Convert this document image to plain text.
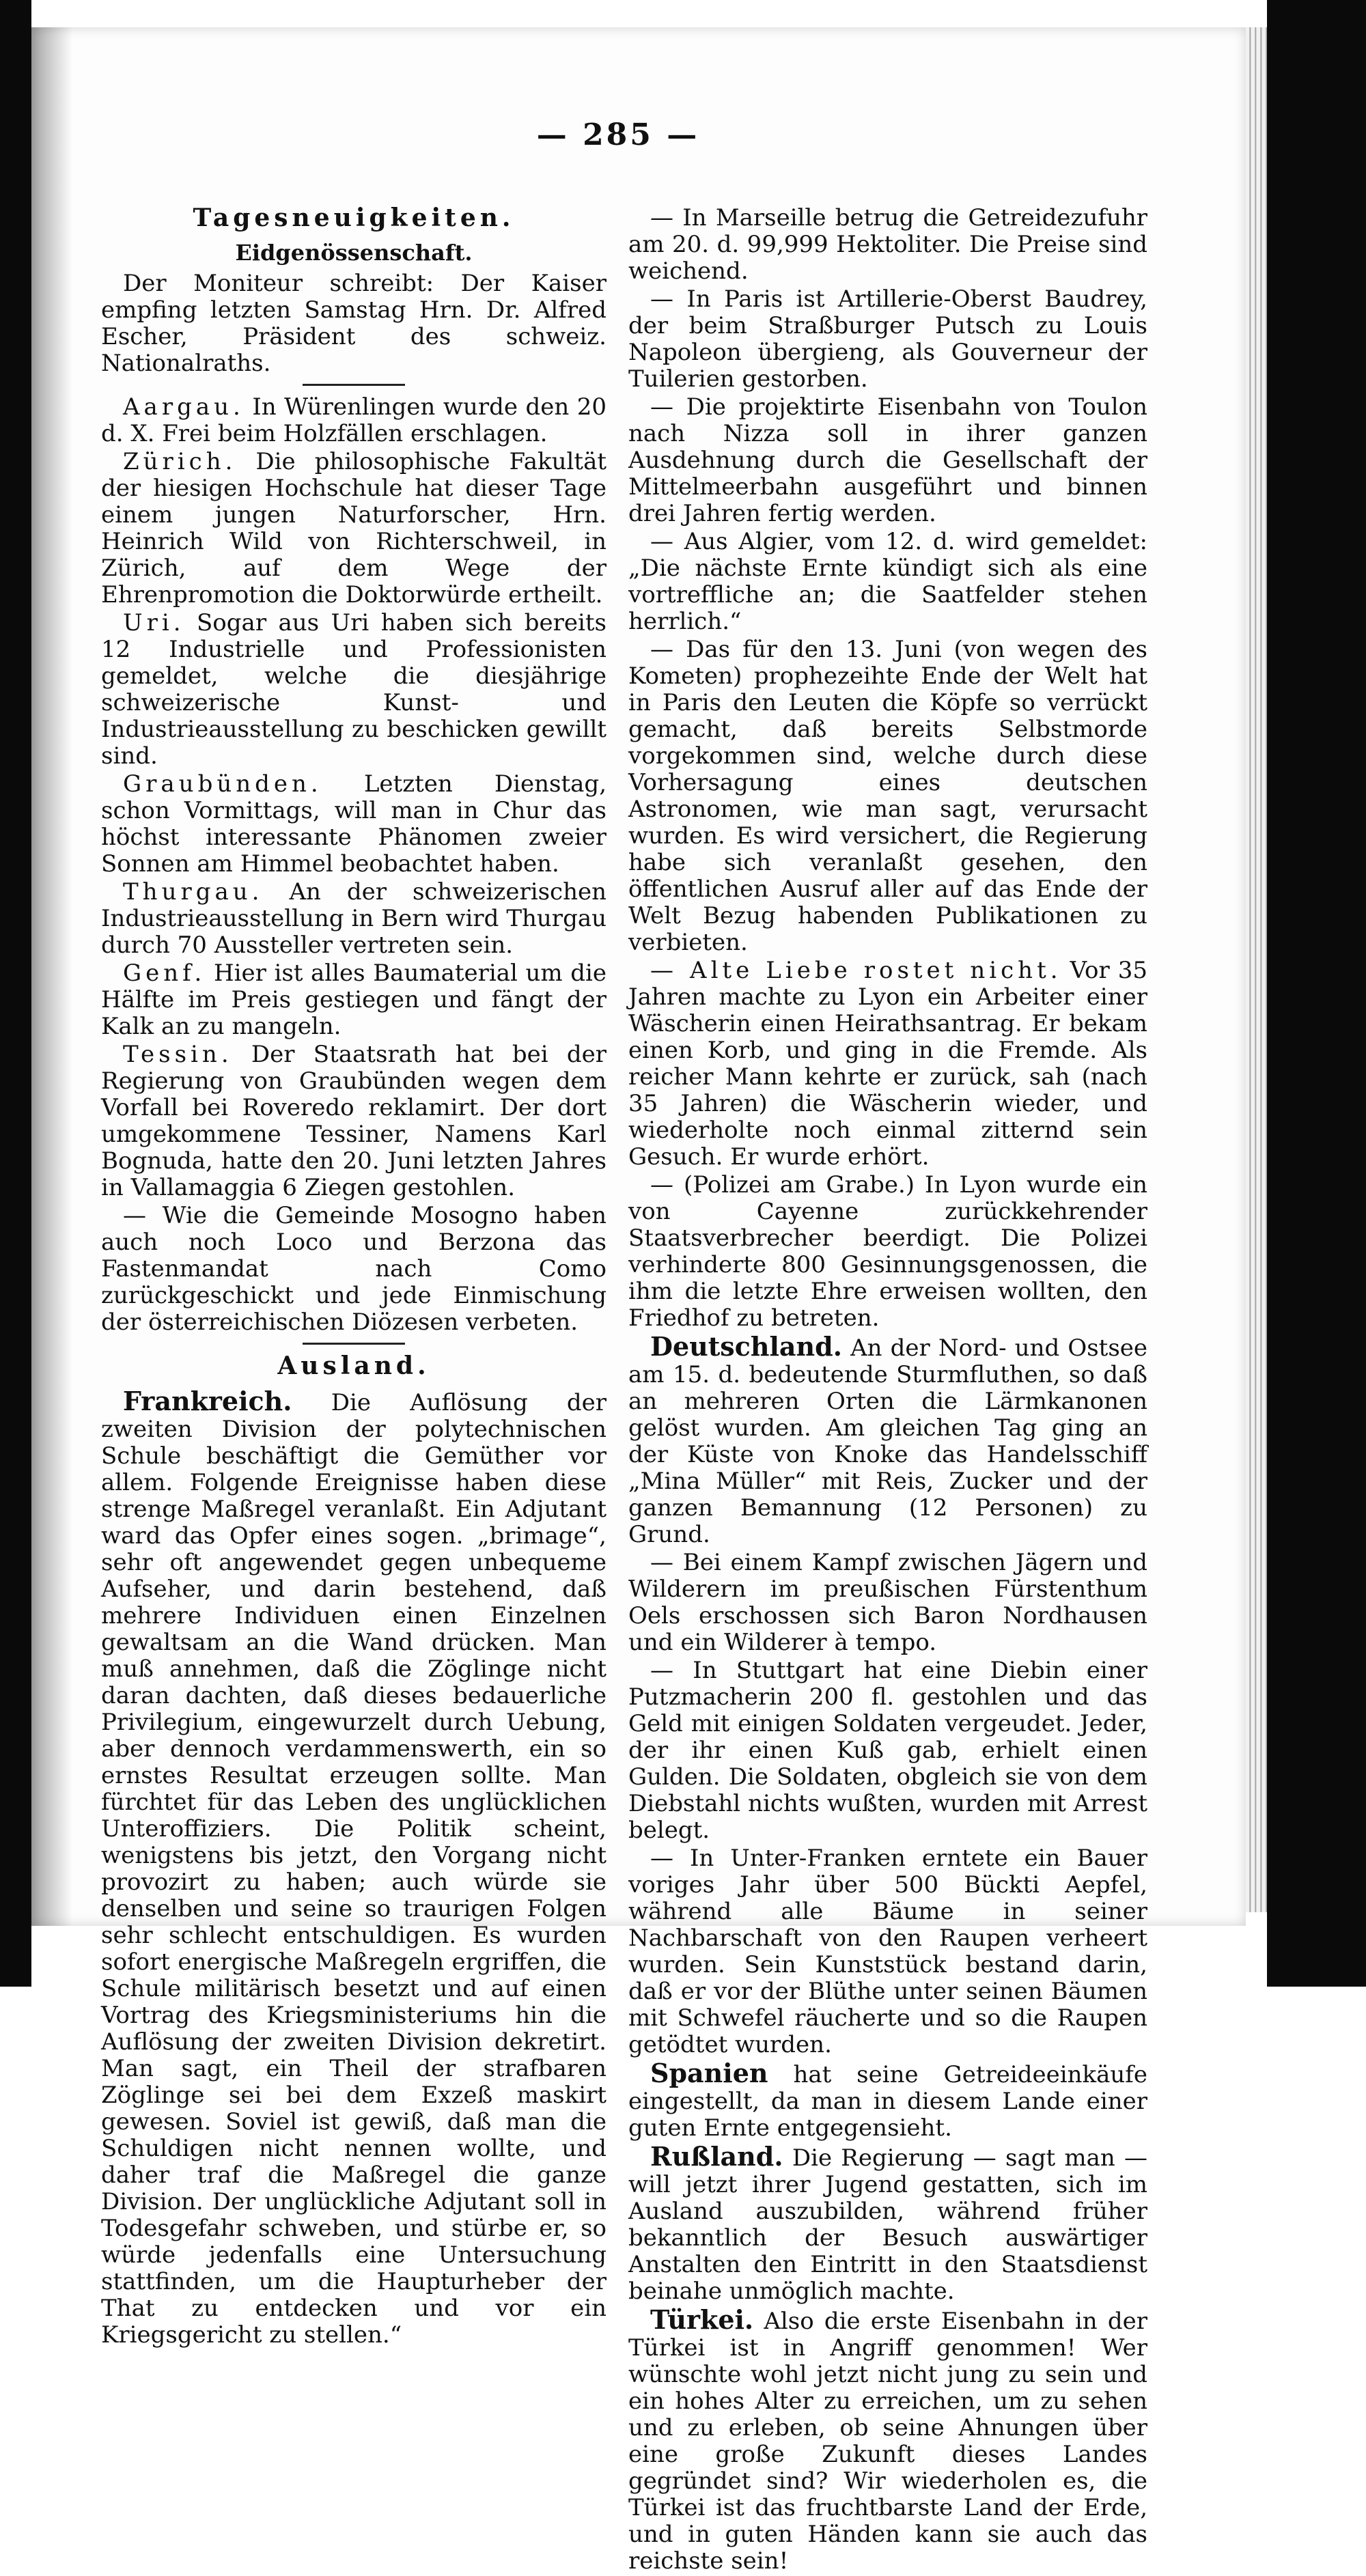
— 285 —
Tagesneuigkeiten.
Eidgenössenschaft.

Der Moniteur schreibt: Der Kaiser empfing letzten Samstag Hrn. Dr. Alfred Escher, Präsident des schweiz. Nationalraths.

Aargau. In Würenlingen wurde den 20 d. X. Frei beim Holzfällen erschlagen.

Zürich. Die philosophische Fakultät der hiesigen Hochschule hat dieser Tage einem jungen Naturforscher, Hrn. Heinrich Wild von Richterschweil, in Zürich, auf dem Wege der Ehrenpromotion die Doktorwürde ertheilt.

Uri. Sogar aus Uri haben sich bereits 12 Industrielle und Professionisten gemeldet, welche die diesjährige schweizerische Kunst- und Industrieausstellung zu beschicken gewillt sind.

Graubünden. Letzten Dienstag, schon Vormittags, will man in Chur das höchst interessante Phänomen zweier Sonnen am Himmel beobachtet haben.

Thurgau. An der schweizerischen Industrieausstellung in Bern wird Thurgau durch 70 Aussteller vertreten sein.

Genf. Hier ist alles Baumaterial um die Hälfte im Preis gestiegen und fängt der Kalk an zu mangeln.

Tessin. Der Staatsrath hat bei der Regierung von Graubünden wegen dem Vorfall bei Roveredo reklamirt. Der dort umgekommene Tessiner, Namens Karl Bognuda, hatte den 20. Juni letzten Jahres in Vallamaggia 6 Ziegen gestohlen.

— Wie die Gemeinde Mosogno haben auch noch Loco und Berzona das Fastenmandat nach Como zurückgeschickt und jede Einmischung der österreichischen Diözesen verbeten.

Ausland.

Frankreich. Die Auflösung der zweiten Division der polytechnischen Schule beschäftigt die Gemüther vor allem. Folgende Ereignisse haben diese strenge Maßregel veranlaßt. Ein Adjutant ward das Opfer eines sogen. „brimage“, sehr oft angewendet gegen unbequeme Aufseher, und darin bestehend, daß mehrere Individuen einen Einzelnen gewaltsam an die Wand drücken. Man muß annehmen, daß die Zöglinge nicht daran dachten, daß dieses bedauerliche Privilegium, eingewurzelt durch Uebung, aber dennoch verdammenswerth, ein so ernstes Resultat erzeugen sollte. Man fürchtet für das Leben des unglücklichen Unteroffiziers. Die Politik scheint, wenigstens bis jetzt, den Vorgang nicht provozirt zu haben; auch würde sie denselben und seine so traurigen Folgen sehr schlecht entschuldigen. Es wurden sofort energische Maßregeln ergriffen, die Schule militärisch besetzt und auf einen Vortrag des Kriegsministeriums hin die Auflösung der zweiten Division dekretirt. Man sagt, ein Theil der strafbaren Zöglinge sei bei dem Exzeß maskirt gewesen. Soviel ist gewiß, daß man die Schuldigen nicht nennen wollte, und daher traf die Maßregel die ganze Division. Der unglückliche Adjutant soll in Todesgefahr schweben, und stürbe er, so würde jedenfalls eine Untersuchung stattfinden, um die Haupturheber der That zu entdecken und vor ein Kriegsgericht zu stellen.“

— In Marseille betrug die Getreidezufuhr am 20. d. 99,999 Hektoliter. Die Preise sind weichend.

— In Paris ist Artillerie-Oberst Baudrey, der beim Straßburger Putsch zu Louis Napoleon übergieng, als Gouverneur der Tuilerien gestorben.

— Die projektirte Eisenbahn von Toulon nach Nizza soll in ihrer ganzen Ausdehnung durch die Gesellschaft der Mittelmeerbahn ausgeführt und binnen drei Jahren fertig werden.

— Aus Algier, vom 12. d. wird gemeldet: „Die nächste Ernte kündigt sich als eine vortreffliche an; die Saatfelder stehen herrlich.“

— Das für den 13. Juni (von wegen des Kometen) prophezeihte Ende der Welt hat in Paris den Leuten die Köpfe so verrückt gemacht, daß bereits Selbstmorde vorgekommen sind, welche durch diese Vorhersagung eines deutschen Astronomen, wie man sagt, verursacht wurden. Es wird versichert, die Regierung habe sich veranlaßt gesehen, den öffentlichen Ausruf aller auf das Ende der Welt Bezug habenden Publikationen zu verbieten.

— Alte Liebe rostet nicht. Vor 35 Jahren machte zu Lyon ein Arbeiter einer Wäscherin einen Heirathsantrag. Er bekam einen Korb, und ging in die Fremde. Als reicher Mann kehrte er zurück, sah (nach 35 Jahren) die Wäscherin wieder, und wiederholte noch einmal zitternd sein Gesuch. Er wurde erhört.

— (Polizei am Grabe.) In Lyon wurde ein von Cayenne zurückkehrender Staatsverbrecher beerdigt. Die Polizei verhinderte 800 Gesinnungsgenossen, die ihm die letzte Ehre erweisen wollten, den Friedhof zu betreten.

Deutschland. An der Nord- und Ostsee am 15. d. bedeutende Sturmfluthen, so daß an mehreren Orten die Lärmkanonen gelöst wurden. Am gleichen Tag ging an der Küste von Knoke das Handelsschiff „Mina Müller“ mit Reis, Zucker und der ganzen Bemannung (12 Personen) zu Grund.

— Bei einem Kampf zwischen Jägern und Wilderern im preußischen Fürstenthum Oels erschossen sich Baron Nordhausen und ein Wilderer à tempo.

— In Stuttgart hat eine Diebin einer Putzmacherin 200 fl. gestohlen und das Geld mit einigen Soldaten vergeudet. Jeder, der ihr einen Kuß gab, erhielt einen Gulden. Die Soldaten, obgleich sie von dem Diebstahl nichts wußten, wurden mit Arrest belegt.

— In Unter-Franken erntete ein Bauer voriges Jahr über 500 Bückti Aepfel, während alle Bäume in seiner Nachbarschaft von den Raupen verheert wurden. Sein Kunststück bestand darin, daß er vor der Blüthe unter seinen Bäumen mit Schwefel räucherte und so die Raupen getödtet wurden.

Spanien hat seine Getreideeinkäufe eingestellt, da man in diesem Lande einer guten Ernte entgegensieht.

Rußland. Die Regierung — sagt man — will jetzt ihrer Jugend gestatten, sich im Ausland auszubilden, während früher bekanntlich der Besuch auswärtiger Anstalten den Eintritt in den Staatsdienst beinahe unmöglich machte.

Türkei. Also die erste Eisenbahn in der Türkei ist in Angriff genommen! Wer wünschte wohl jetzt nicht jung zu sein und ein hohes Alter zu erreichen, um zu sehen und zu erleben, ob seine Ahnungen über eine große Zukunft dieses Landes gegründet sind? Wir wiederholen es, die Türkei ist das fruchtbarste Land der Erde, und in guten Händen kann sie auch das reichste sein!
